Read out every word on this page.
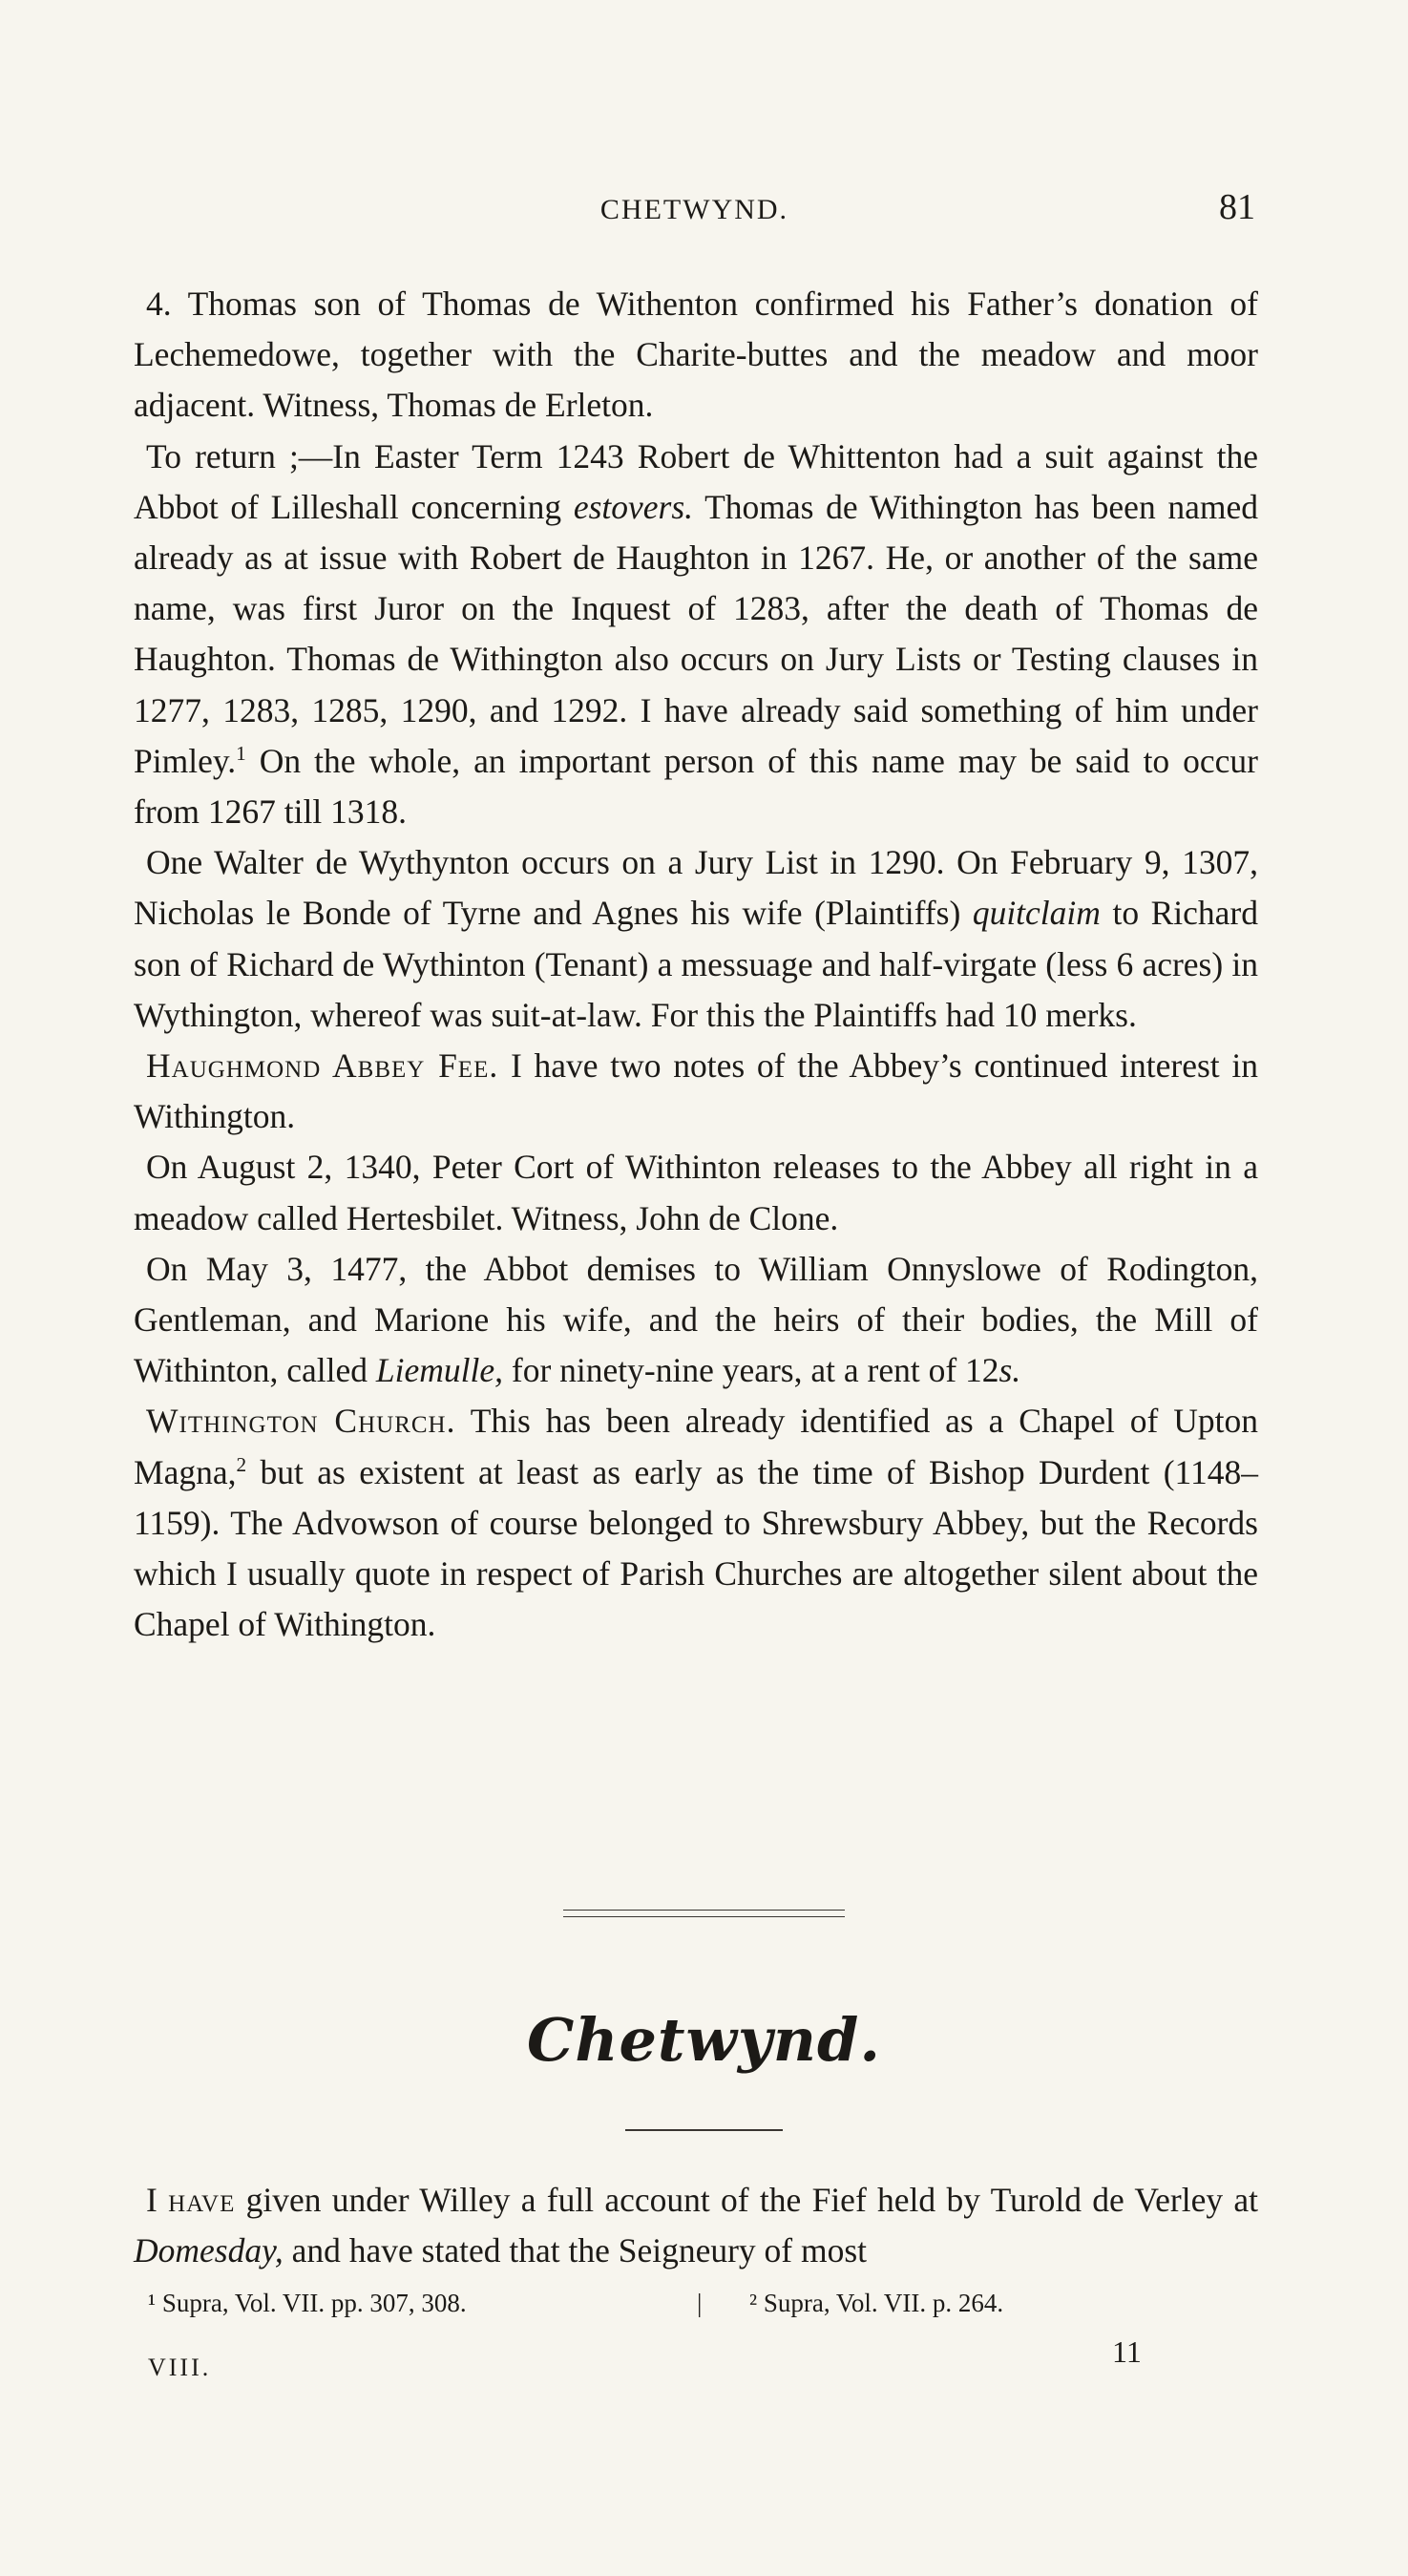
CHETWYND.	81

4. Thomas son of Thomas de Withenton confirmed his Father’s donation of Lechemedowe, together with the Charite-buttes and the meadow and moor adjacent. Witness, Thomas de Erleton.

To return ;—In Easter Term 1243 Robert de Whittenton had a suit against the Abbot of Lilleshall concerning estovers. Thomas de Withington has been named already as at issue with Robert de Haughton in 1267. He, or another of the same name, was first Juror on the Inquest of 1283, after the death of Thomas de Haughton. Thomas de Withington also occurs on Jury Lists or Testing clauses in 1277, 1283, 1285, 1290, and 1292. I have already said something of him under Pimley.$^1$ On the whole, an important person of this name may be said to occur from 1267 till 1318.

One Walter de Wythynton occurs on a Jury List in 1290. On February 9, 1307, Nicholas le Bonde of Tyrne and Agnes his wife (Plaintiffs) quitclaim to Richard son of Richard de Wythinton (Tenant) a messuage and half-virgate (less 6 acres) in Wythington, whereof was suit-at-law. For this the Plaintiffs had 10 merks.

Haughmond Abbey Fee. I have two notes of the Abbey’s continued interest in Withington.

On August 2, 1340, Peter Cort of Withinton releases to the Abbey all right in a meadow called Hertesbilet. Witness, John de Clone.

On May 3, 1477, the Abbot demises to William Onnyslowe of Rodington, Gentleman, and Marione his wife, and the heirs of their bodies, the Mill of Withinton, called Liemulle, for ninety-nine years, at a rent of 12s.

Withington Church. This has been already identified as a Chapel of Upton Magna,$^2$ but as existent at least as early as the time of Bishop Durdent (1148–1159). The Advowson of course belonged to Shrewsbury Abbey, but the Records which I usually quote in respect of Parish Churches are altogether silent about the Chapel of Withington.

Chetwynd.

I have given under Willey a full account of the Fief held by Turold de Verley at Domesday, and have stated that the Seigneury of most

¹ Supra, Vol. VII. pp. 307, 308.	| ² Supra, Vol. VII. p. 264.
VIII.	11
